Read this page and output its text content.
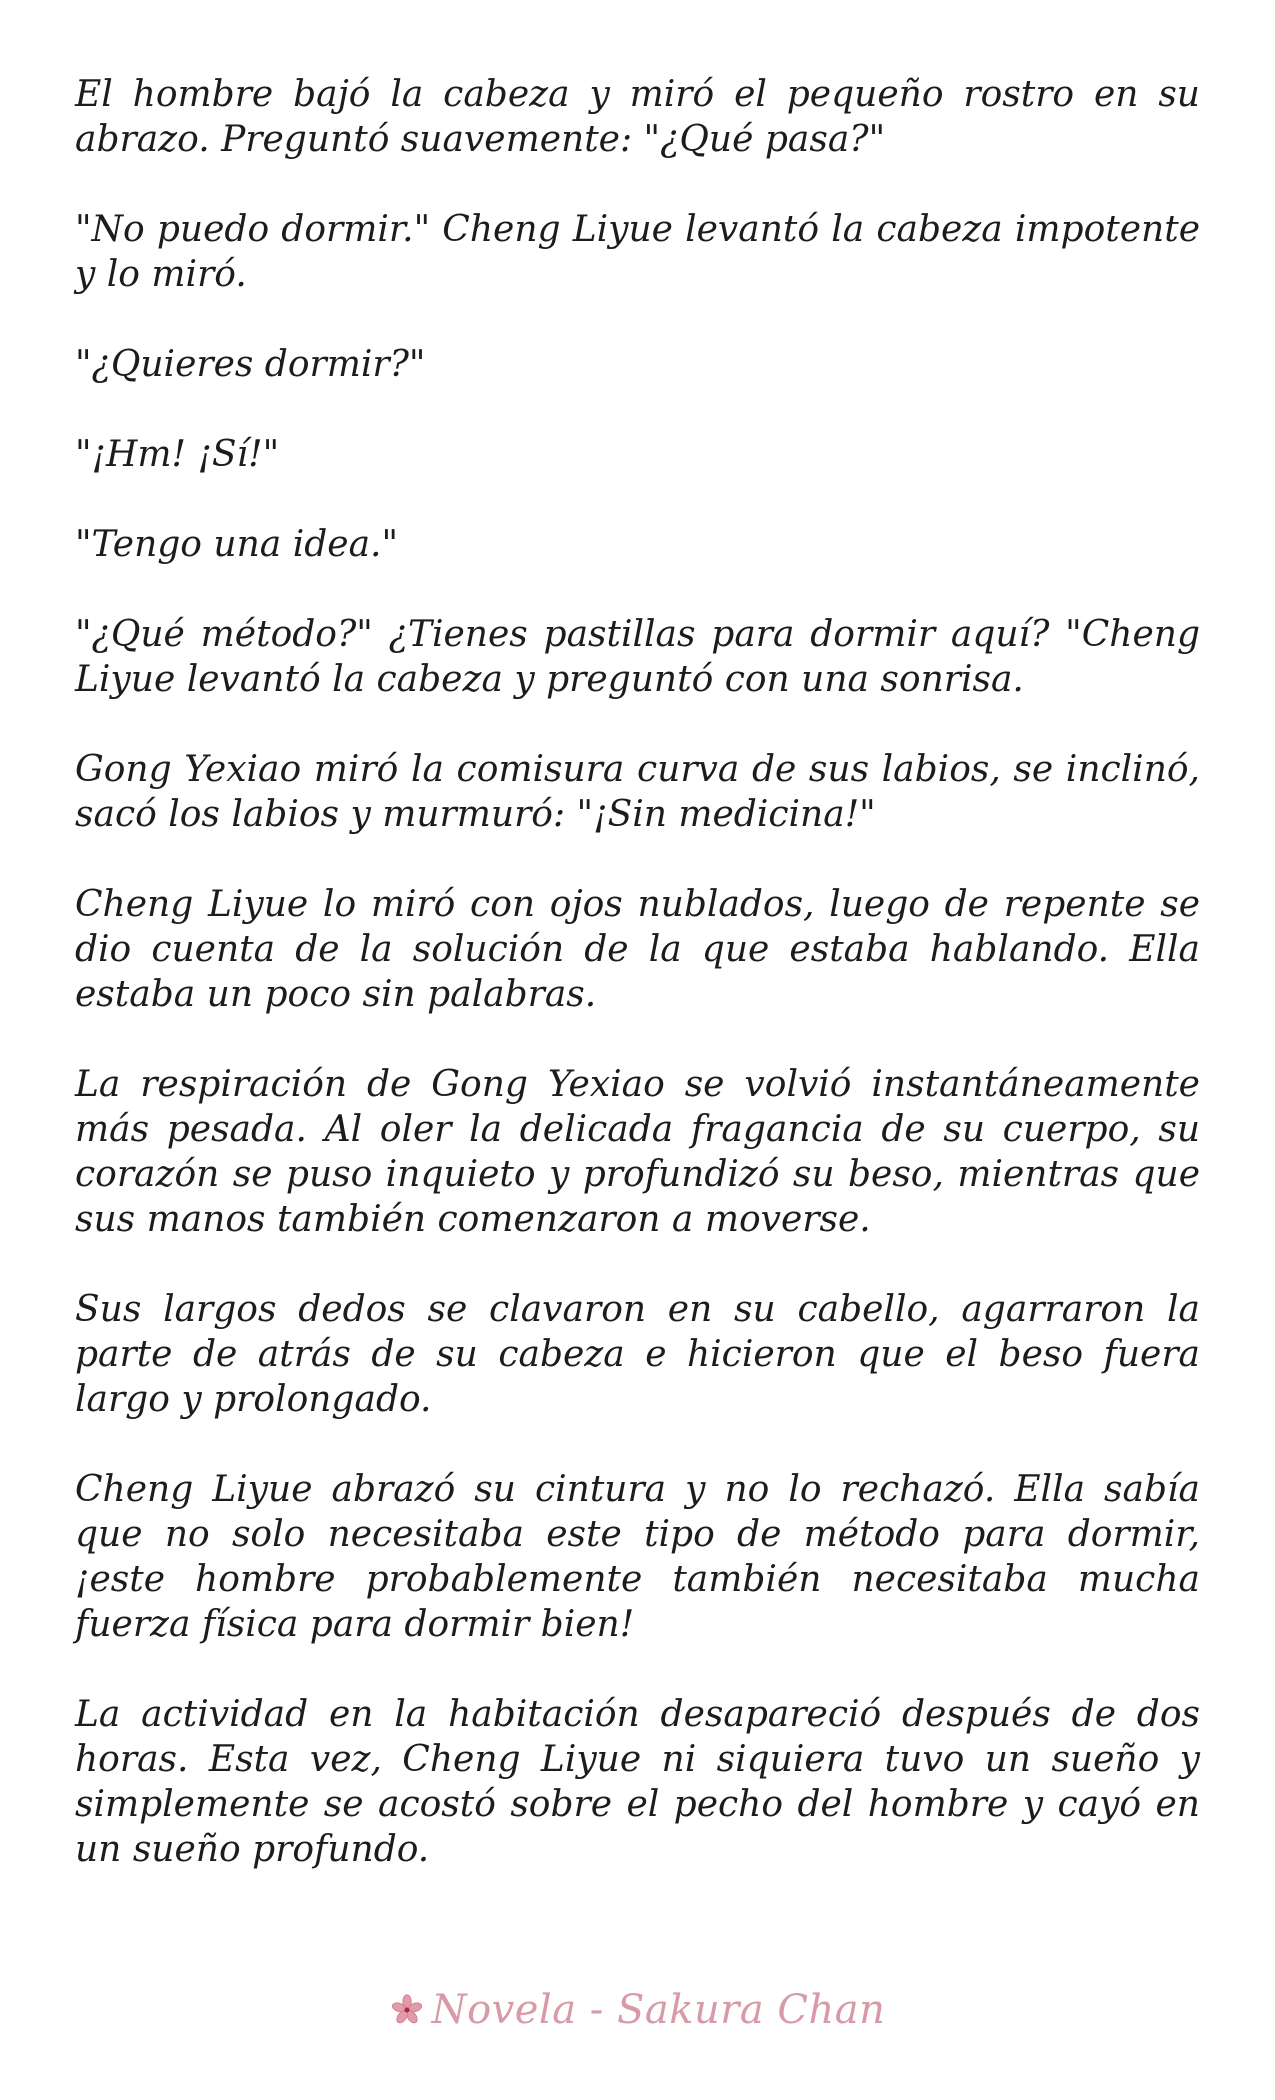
El hombre bajó la cabeza y miró el pequeño rostro en su abrazo. Preguntó suavemente: "¿Qué pasa?"

"No puedo dormir." Cheng Liyue levantó la cabeza impotente y lo miró.

"¿Quieres dormir?"

"¡Hm! ¡Sí!"

"Tengo una idea."

"¿Qué método?" ¿Tienes pastillas para dormir aquí? "Cheng Liyue levantó la cabeza y preguntó con una sonrisa.

Gong Yexiao miró la comisura curva de sus labios, se inclinó, sacó los labios y murmuró: "¡Sin medicina!"

Cheng Liyue lo miró con ojos nublados, luego de repente se dio cuenta de la solución de la que estaba hablando. Ella estaba un poco sin palabras.

La respiración de Gong Yexiao se volvió instantáneamente más pesada. Al oler la delicada fragancia de su cuerpo, su corazón se puso inquieto y profundizó su beso, mientras que sus manos también comenzaron a moverse.

Sus largos dedos se clavaron en su cabello, agarraron la parte de atrás de su cabeza e hicieron que el beso fuera largo y prolongado.

Cheng Liyue abrazó su cintura y no lo rechazó. Ella sabía que no solo necesitaba este tipo de método para dormir, ¡este hombre probablemente también necesitaba mucha fuerza física para dormir bien!

La actividad en la habitación desapareció después de dos horas. Esta vez, Cheng Liyue ni siquiera tuvo un sueño y simplemente se acostó sobre el pecho del hombre y cayó en un sueño profundo.

Novela - Sakura Chan
